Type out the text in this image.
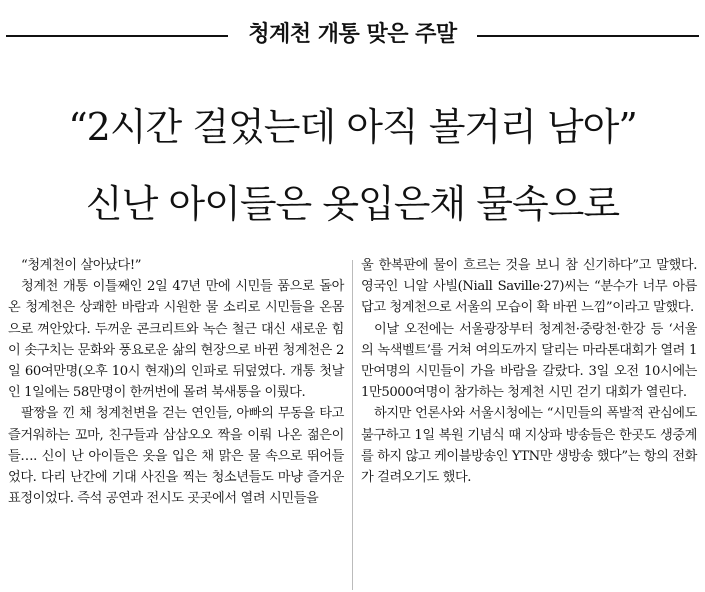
청계천 개통 맞은 주말
“2시간 걸었는데 아직 볼거리 남아”
신난 아이들은 옷입은채 물속으로

“청계천이 살아났다!”

청계천 개통 이틀째인 2일 47년 만에 시민들 품으로 돌아온 청계천은 상쾌한 바람과 시원한 물 소리로 시민들을 온몸으로 껴안았다. 두꺼운 콘크리트와 녹슨 철근 대신 새로운 힘이 솟구치는 문화와 풍요로운 삶의 현장으로 바뀐 청계천은 2일 60여만명(오후 10시 현재)의 인파로 뒤덮였다. 개통 첫날인 1일에는 58만명이 한꺼번에 몰려 북새통을 이뤘다.

팔짱을 낀 채 청계천변을 걷는 연인들, 아빠의 무동을 타고 즐거워하는 꼬마, 친구들과 삼삼오오 짝을 이뤄 나온 젊은이들…. 신이 난 아이들은 옷을 입은 채 맑은 물 속으로 뛰어들었다. 다리 난간에 기대 사진을 찍는 청소년들도 마냥 즐거운 표정이었다. 즉석 공연과 전시도 곳곳에서 열려 시민들을

울 한복판에 물이 흐르는 것을 보니 참 신기하다”고 말했다. 영국인 니알 사빌(Niall Saville·27)씨는 “분수가 너무 아름답고 청계천으로 서울의 모습이 확 바뀐 느낌”이라고 말했다.

이날 오전에는 서울광장부터 청계천·중랑천·한강 등 ‘서울의 녹색벨트’를 거쳐 여의도까지 달리는 마라톤대회가 열려 1만여명의 시민들이 가을 바람을 갈랐다. 3일 오전 10시에는 1만5000여명이 참가하는 청계천 시민 걷기 대회가 열린다.

하지만 언론사와 서울시청에는 “시민들의 폭발적 관심에도 불구하고 1일 복원 기념식 때 지상파 방송들은 한곳도 생중계를 하지 않고 케이블방송인 YTN만 생방송 했다”는 항의 전화가 걸려오기도 했다.
